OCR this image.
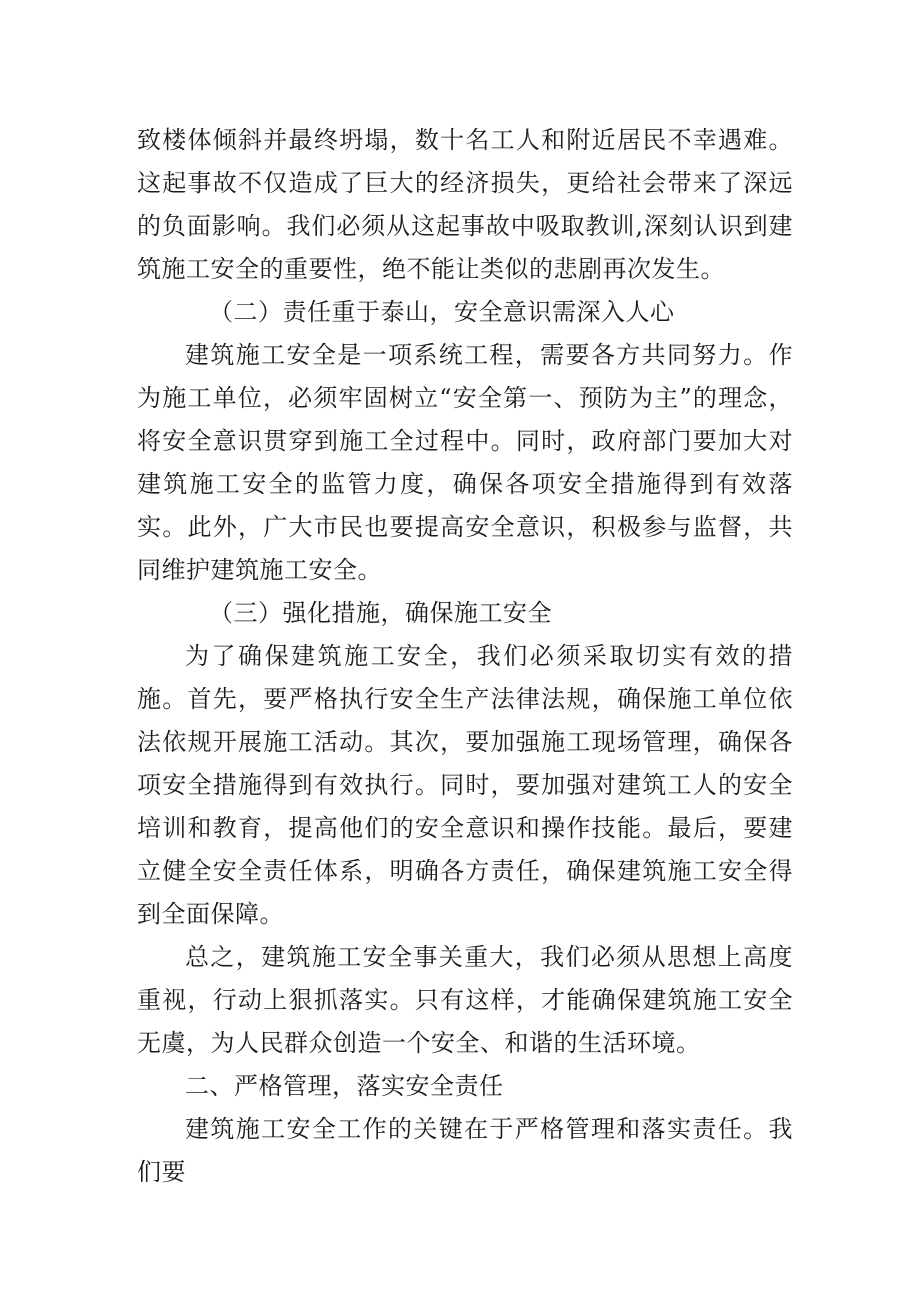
致楼体倾斜并最终坍塌，数十名工人和附近居民不幸遇难。这起事故不仅造成了巨大的经济损失，更给社会带来了深远的负面影响。我们必须从这起事故中吸取教训,深刻认识到建筑施工安全的重要性，绝不能让类似的悲剧再次发生。

（二）责任重于泰山，安全意识需深入人心

建筑施工安全是一项系统工程，需要各方共同努力。作为施工单位，必须牢固树立“安全第一、预防为主”的理念，将安全意识贯穿到施工全过程中。同时，政府部门要加大对建筑施工安全的监管力度，确保各项安全措施得到有效落实。此外，广大市民也要提高安全意识，积极参与监督，共同维护建筑施工安全。

（三）强化措施，确保施工安全

为了确保建筑施工安全，我们必须采取切实有效的措施。首先，要严格执行安全生产法律法规，确保施工单位依法依规开展施工活动。其次，要加强施工现场管理，确保各项安全措施得到有效执行。同时，要加强对建筑工人的安全培训和教育，提高他们的安全意识和操作技能。最后，要建立健全安全责任体系，明确各方责任，确保建筑施工安全得到全面保障。

总之，建筑施工安全事关重大，我们必须从思想上高度重视，行动上狠抓落实。只有这样，才能确保建筑施工安全无虞，为人民群众创造一个安全、和谐的生活环境。

二、严格管理，落实安全责任

建筑施工安全工作的关键在于严格管理和落实责任。我们要
